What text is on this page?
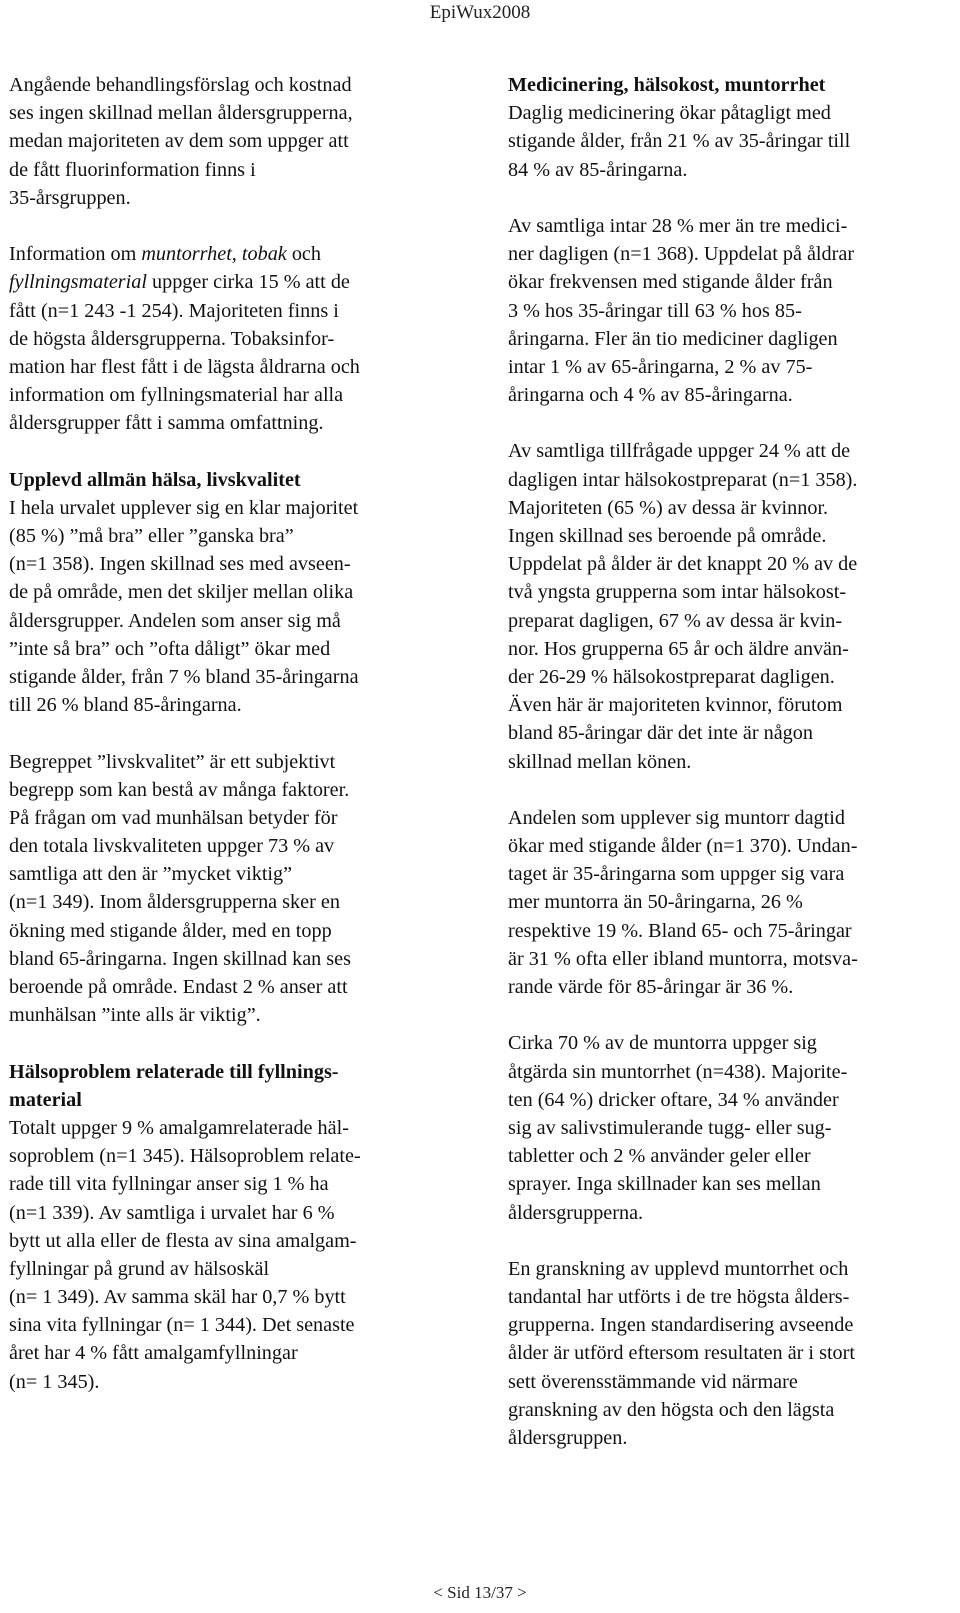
EpiWux2008
Angående behandlingsförslag och kostnad
ses ingen skillnad mellan åldersgrupperna,
medan majoriteten av dem som uppger att
de fått fluorinformation finns i
35-årsgruppen.
Information om muntorrhet, tobak och
fyllningsmaterial uppger cirka 15 % att de
fått (n=1 243 -1 254). Majoriteten finns i
de högsta åldersgrupperna. Tobaksinfor-
mation har flest fått i de lägsta åldrarna och
information om fyllningsmaterial har alla
åldersgrupper fått i samma omfattning.
Upplevd allmän hälsa, livskvalitet
I hela urvalet upplever sig en klar majoritet
(85 %) ”må bra” eller ”ganska bra”
(n=1 358). Ingen skillnad ses med avseen-
de på område, men det skiljer mellan olika
åldersgrupper. Andelen som anser sig må
”inte så bra” och ”ofta dåligt” ökar med
stigande ålder, från 7 % bland 35-åringarna
till 26 % bland 85-åringarna.
Begreppet ”livskvalitet” är ett subjektivt
begrepp som kan bestå av många faktorer.
På frågan om vad munhälsan betyder för
den totala livskvaliteten uppger 73 % av
samtliga att den är ”mycket viktig”
(n=1 349). Inom åldersgrupperna sker en
ökning med stigande ålder, med en topp
bland 65-åringarna. Ingen skillnad kan ses
beroende på område. Endast 2 % anser att
munhälsan ”inte alls är viktig”.
Hälsoproblem relaterade till fyllnings-
material
Totalt uppger 9 % amalgamrelaterade häl-
soproblem (n=1 345). Hälsoproblem relate-
rade till vita fyllningar anser sig 1 % ha
(n=1 339). Av samtliga i urvalet har 6 %
bytt ut alla eller de flesta av sina amalgam-
fyllningar på grund av hälsoskäl
(n= 1 349). Av samma skäl har 0,7 % bytt
sina vita fyllningar (n= 1 344). Det senaste
året har 4 % fått amalgamfyllningar
(n= 1 345).
Medicinering, hälsokost, muntorrhet
Daglig medicinering ökar påtagligt med
stigande ålder, från 21 % av 35-åringar till
84 % av 85-åringarna.
Av samtliga intar 28 % mer än tre medici-
ner dagligen (n=1 368). Uppdelat på åldrar
ökar frekvensen med stigande ålder från
3 % hos 35-åringar till 63 % hos 85-
åringarna. Fler än tio mediciner dagligen
intar 1 % av 65-åringarna, 2 % av 75-
åringarna och 4 % av 85-åringarna.
Av samtliga tillfrågade uppger 24 % att de
dagligen intar hälsokostpreparat (n=1 358).
Majoriteten (65 %) av dessa är kvinnor.
Ingen skillnad ses beroende på område.
Uppdelat på ålder är det knappt 20 % av de
två yngsta grupperna som intar hälsokost-
preparat dagligen, 67 % av dessa är kvin-
nor. Hos grupperna 65 år och äldre använ-
der 26-29 % hälsokostpreparat dagligen.
Även här är majoriteten kvinnor, förutom
bland 85-åringar där det inte är någon
skillnad mellan könen.
Andelen som upplever sig muntorr dagtid
ökar med stigande ålder (n=1 370). Undan-
taget är 35-åringarna som uppger sig vara
mer muntorra än 50-åringarna, 26 %
respektive 19 %. Bland 65- och 75-åringar
är 31 % ofta eller ibland muntorra, motsva-
rande värde för 85-åringar är 36 %.
Cirka 70 % av de muntorra uppger sig
åtgärda sin muntorrhet (n=438). Majorite-
ten (64 %) dricker oftare, 34 % använder
sig av salivstimulerande tugg- eller sug-
tabletter och 2 % använder geler eller
sprayer. Inga skillnader kan ses mellan
åldersgrupperna.
En granskning av upplevd muntorrhet och
tandantal har utförts i de tre högsta ålders-
grupperna. Ingen standardisering avseende
ålder är utförd eftersom resultaten är i stort
sett överensstämmande vid närmare
granskning av den högsta och den lägsta
åldersgruppen.
< Sid 13/37 >
